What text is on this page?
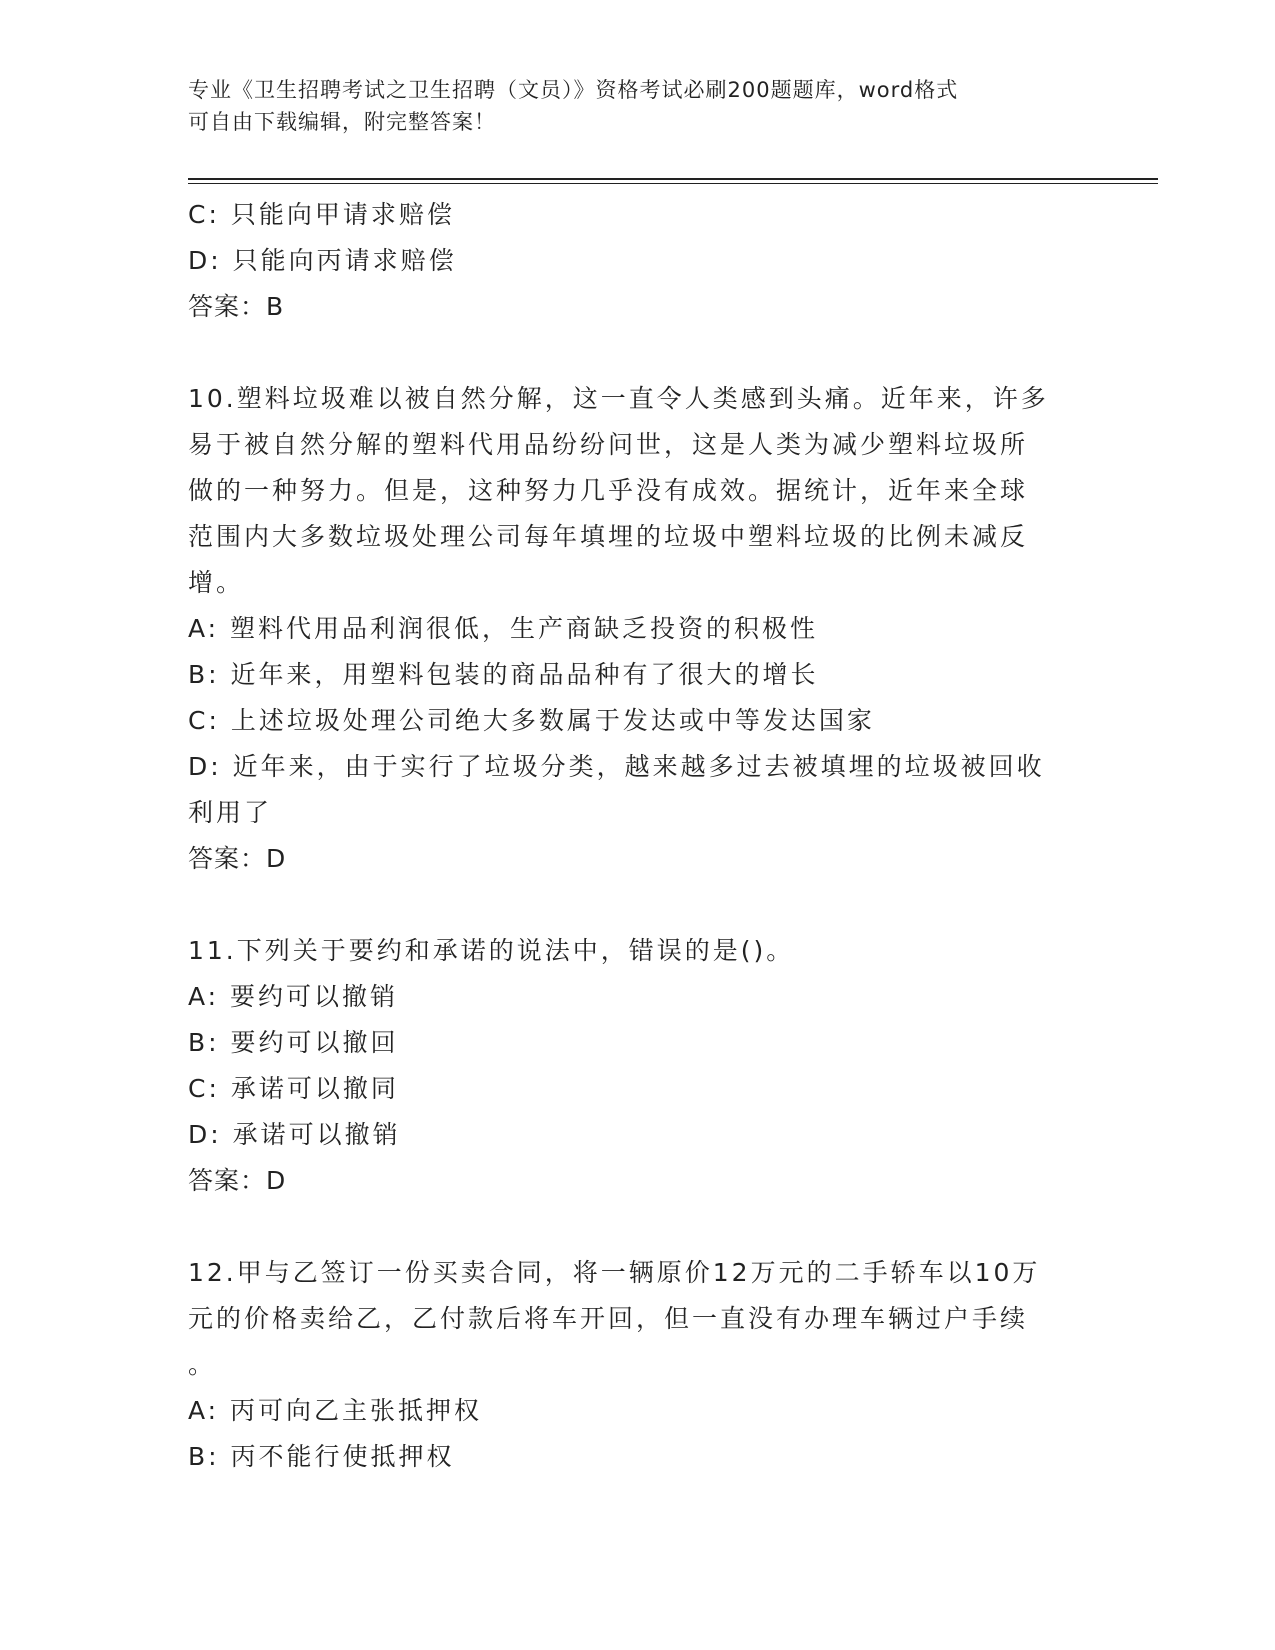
专业《卫生招聘考试之卫生招聘（文员）》资格考试必刷200题题库，word格式
可自由下载编辑，附完整答案！
C: 只能向甲请求赔偿
D: 只能向丙请求赔偿
答案：B
10.塑料垃圾难以被自然分解，这一直令人类感到头痛。近年来，许多
易于被自然分解的塑料代用品纷纷问世，这是人类为减少塑料垃圾所
做的一种努力。但是，这种努力几乎没有成效。据统计，近年来全球
范围内大多数垃圾处理公司每年填埋的垃圾中塑料垃圾的比例未减反
增。
A: 塑料代用品利润很低，生产商缺乏投资的积极性
B: 近年来，用塑料包装的商品品种有了很大的增长
C: 上述垃圾处理公司绝大多数属于发达或中等发达国家
D: 近年来，由于实行了垃圾分类，越来越多过去被填埋的垃圾被回收
利用了
答案：D
11.下列关于要约和承诺的说法中，错误的是()。
A: 要约可以撤销
B: 要约可以撤回
C: 承诺可以撤同
D: 承诺可以撤销
答案：D
12.甲与乙签订一份买卖合同，将一辆原价12万元的二手轿车以10万
元的价格卖给乙，乙付款后将车开回，但一直没有办理车辆过户手续
。
A: 丙可向乙主张抵押权
B: 丙不能行使抵押权
